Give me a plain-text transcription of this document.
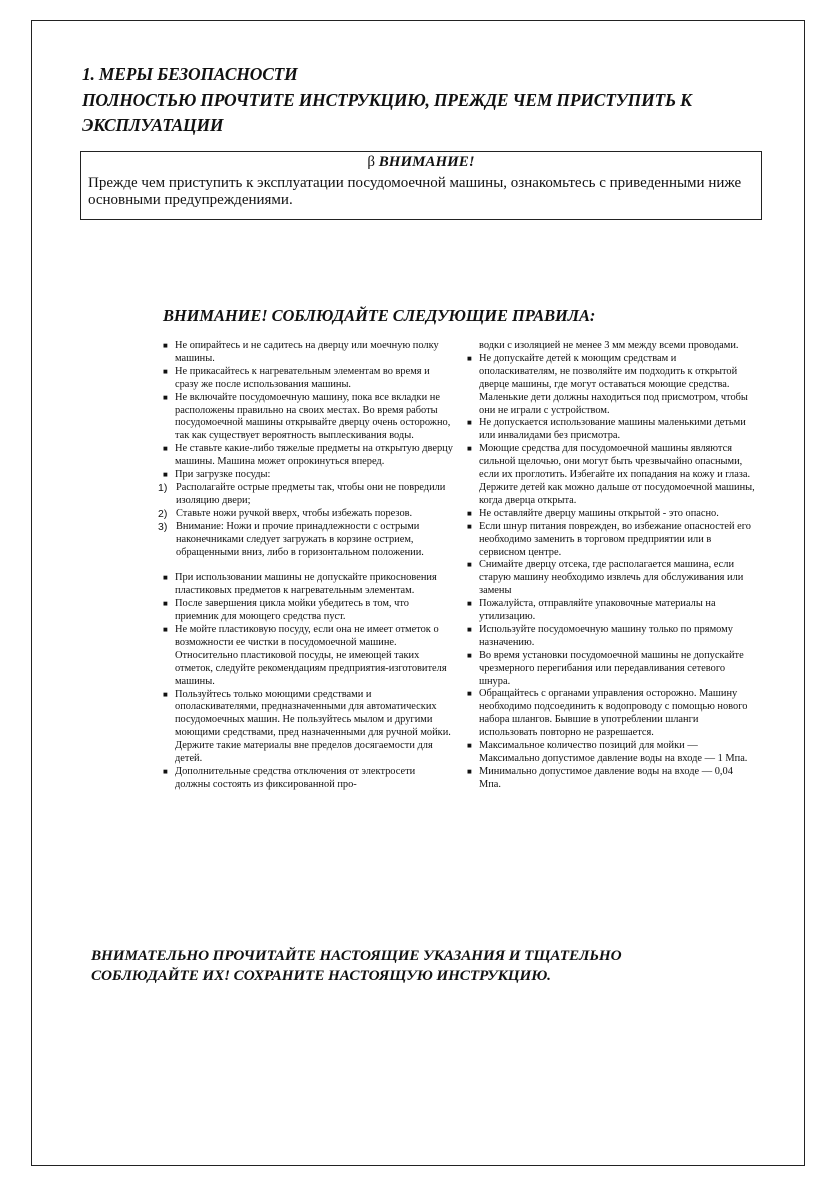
1. МЕРЫ БЕЗОПАСНОСТИ
ПОЛНОСТЬЮ ПРОЧТИТЕ ИНСТРУКЦИЮ, ПРЕЖДЕ ЧЕМ ПРИСТУПИТЬ К
ЭКСПЛУАТАЦИИ
β ВНИМАНИЕ!
Прежде чем приступить к эксплуатации посудомоечной машины, ознакомьтесь с приведенными ниже основными предупреждениями.
ВНИМАНИЕ! СОБЛЮДАЙТЕ СЛЕДУЮЩИЕ ПРАВИЛА:
■ Не опирайтесь и не садитесь на дверцу или моечную полку машины.
■ Не прикасайтесь к нагревательным элементам во время и сразу же после использования машины.
■ Не включайте посудомоечную машину, пока все вкладки не расположены правильно на своих местах. Во время работы посудомоечной машины открывайте дверцу очень осторожно, так как существует вероятность выплескивания воды.
■ Не ставьте какие-либо тяжелые предметы на открытую дверцу машины. Машина может опрокинуться вперед.
■ При загрузке посуды:
1) Располагайте острые предметы так, чтобы они не повредили изоляцию двери;
2) Ставьте ножи ручкой вверх, чтобы избежать порезов.
3) Внимание: Ножи и прочие принадлежности с острыми наконечниками следует загружать в корзине острием, обращенными вниз, либо в горизонтальном положении.
■ При использовании машины не допускайте прикосновения пластиковых предметов к нагревательным элементам.
■ После завершения цикла мойки убедитесь в том, что приемник для моющего средства пуст.
■ Не мойте пластиковую посуду, если она не имеет отметок о возможности ее чистки в посудомоечной машине. Относительно пластиковой посуды, не имеющей таких отметок, следуйте рекомендациям предприятия-изготовителя машины.
■ Пользуйтесь только моющими средствами и ополаскивателями, предназначенными для автоматических посудомоечных машин. Не пользуйтесь мылом и другими моющими средствами, пред назначенными для ручной мойки. Держите такие материалы вне пределов досягаемости для детей.
■ Дополнительные средства отключения от электросети должны состоять из фиксированной про-
водки с изоляцией не менее 3 мм между всеми проводами.
■ Не допускайте детей к моющим средствам и ополаскивателям, не позволяйте им подходить к открытой дверце машины, где могут оставаться моющие средства.
Маленькие дети должны находиться под присмотром, чтобы они не играли с устройством.
■ Не допускается использование машины маленькими детьми или инвалидами без присмотра.
■ Моющие средства для посудомоечной машины являются сильной щелочью, они могут быть чрезвычайно опасными, если их проглотить. Избегайте их попадания на кожу и глаза. Держите детей как можно дальше от посудомоечной машины, когда дверца открыта.
■ Не оставляйте дверцу машины открытой - это опасно.
■ Если шнур питания поврежден, во избежание опасностей его необходимо заменить в торговом предприятии или в сервисном центре.
■ Снимайте дверцу отсека, где располагается машина, если старую машину необходимо извлечь для обслуживания или замены
■ Пожалуйста, отправляйте упаковочные материалы на утилизацию.
■ Используйте посудомоечную машину только по прямому назначению.
■ Во время установки посудомоечной машины не допускайте чрезмерного перегибания или передавливания сетевого шнура.
■ Обращайтесь с органами управления осторожно. Машину необходимо подсоединить к водопроводу с помощью нового набора шлангов. Бывшие в употреблении шланги использовать повторно не разрешается.
■ Максимальное количество позиций для мойки — Максимально допустимое давление воды на входе — 1 Мпа.
■ Минимально допустимое давление воды на входе — 0,04 Мпа.
ВНИМАТЕЛЬНО ПРОЧИТАЙТЕ НАСТОЯЩИЕ УКАЗАНИЯ И ТЩАТЕЛЬНО
СОБЛЮДАЙТЕ ИХ! СОХРАНИТЕ НАСТОЯЩУЮ ИНСТРУКЦИЮ.
